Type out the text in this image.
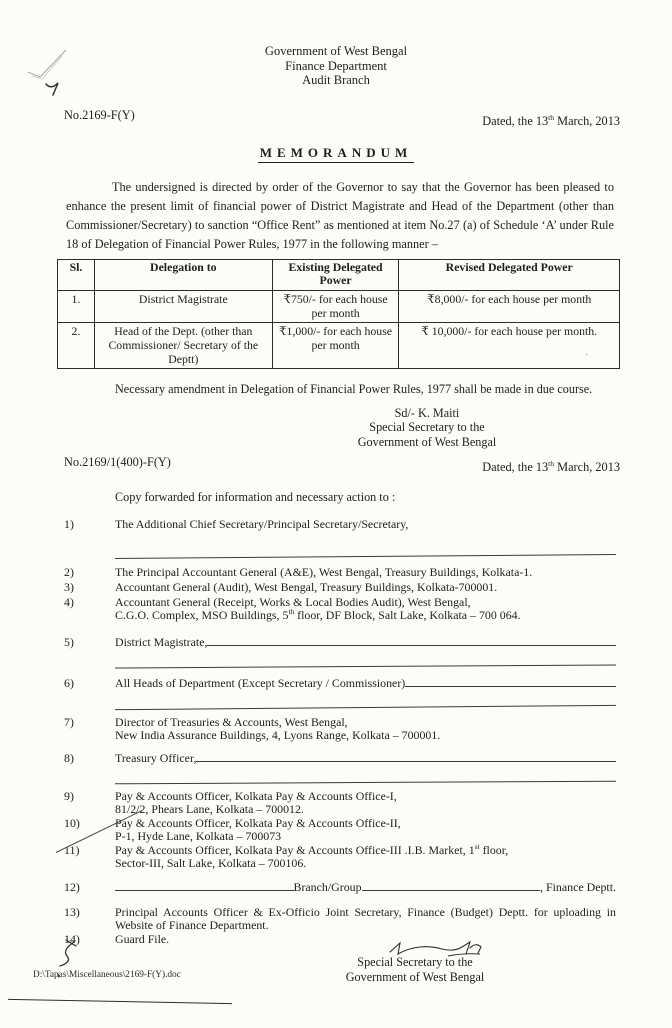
Government of West Bengal
Finance Department
Audit Branch
No.2169-F(Y)	Dated, the 13th March, 2013
MEMORANDUM

The undersigned is directed by order of the Governor to say that the Governor has been pleased to enhance the present limit of financial power of District Magistrate and Head of the Department (other than Commissioner/Secretary) to sanction “Office Rent” as mentioned at item No.27 (a) of Schedule ‘A’ under Rule 18 of Delegation of Financial Power Rules, 1977 in the following manner –

Sl.	Delegation to	Existing Delegated Power	Revised Delegated Power
1.	District Magistrate	₹750/- for each house per month	₹8,000/- for each house per month
2.	Head of the Dept. (other than Commissioner/ Secretary of the Deptt)	₹1,000/- for each house per month	₹ 10,000/- for each house per month.
·
Necessary amendment in Delegation of Financial Power Rules, 1977 shall be made in due course.
Sd/- K. Maiti
Special Secretary to the
Government of West Bengal
No.2169/1(400)-F(Y)	Dated, the 13th March, 2013
Copy forwarded for information and necessary action to :
1)	The Additional Chief Secretary/Principal Secretary/Secretary,
2)	The Principal Accountant General (A&E), West Bengal, Treasury Buildings, Kolkata-1.
3)	Accountant General (Audit), West Bengal, Treasury Buildings, Kolkata-700001.
4)	Accountant General (Receipt, Works & Local Bodies Audit), West Bengal,
C.G.O. Complex, MSO Buildings, 5th floor, DF Block, Salt Lake, Kolkata – 700 064.
5)	District Magistrate,
6)	All Heads of Department (Except Secretary / Commissioner)
7)	Director of Treasuries & Accounts, West Bengal,
New India Assurance Buildings, 4, Lyons Range, Kolkata – 700001.
8)	Treasury Officer,
9)	Pay & Accounts Officer, Kolkata Pay & Accounts Office-I,
81/2/2, Phears Lane, Kolkata – 700012.
10)	Pay & Accounts Officer, Kolkata Pay & Accounts Office-II,
P-1, Hyde Lane, Kolkata – 700073
11)	Pay & Accounts Officer, Kolkata Pay & Accounts Office-III .I.B. Market, 1st floor,
Sector-III, Salt Lake, Kolkata – 700106.
12)	Branch/Group	, Finance Deptt.
13)	Principal Accounts Officer & Ex-Officio Joint Secretary, Finance (Budget) Deptt. for uploading in Website of Finance Department.
14)	Guard File.
Special Secretary to the
Government of West Bengal
D:\Tapas\Miscellaneous\2169-F(Y).doc
